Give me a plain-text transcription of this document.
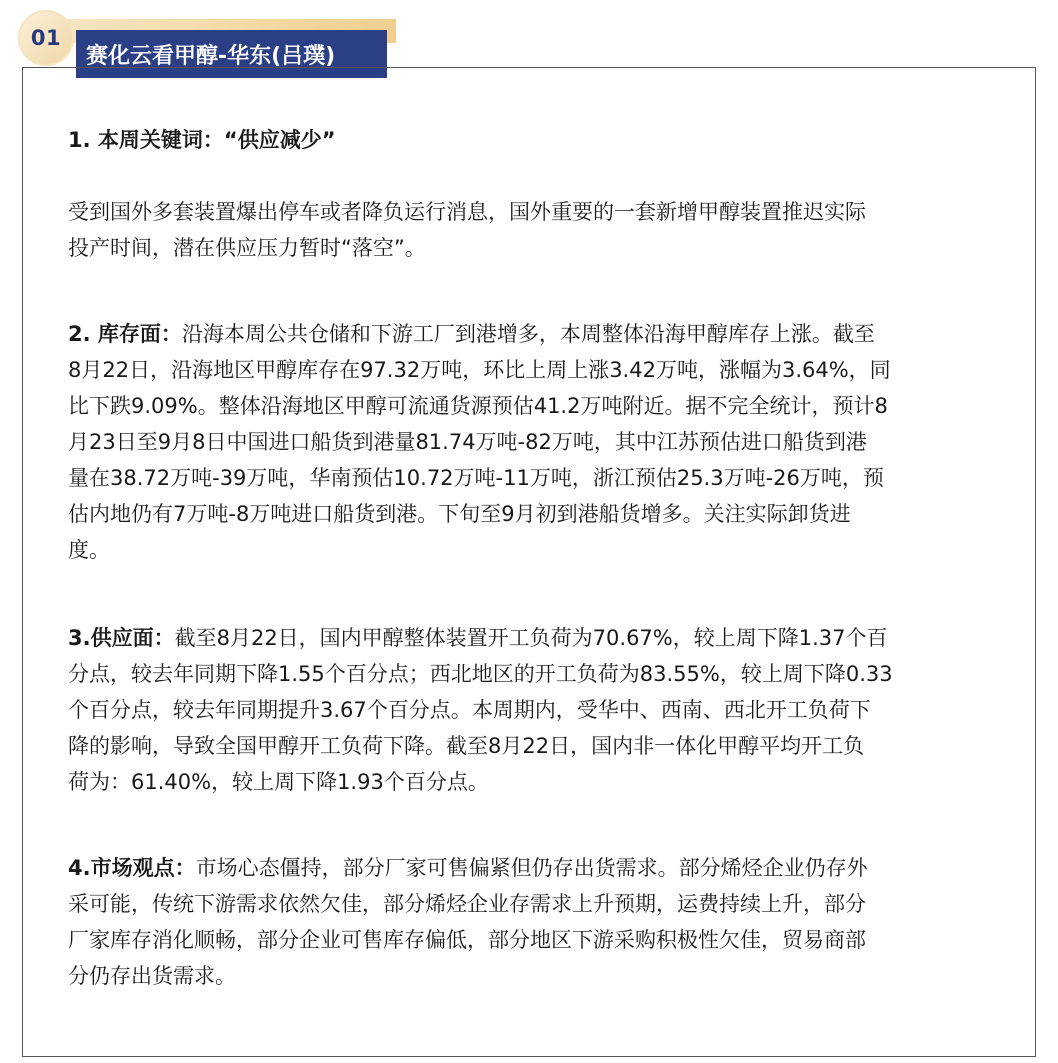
赛化云看甲醇-华东(吕璞)
01

1. 本周关键词：“供应减少”

受到国外多套装置爆出停车或者降负运行消息，国外重要的一套新增甲醇装置推迟实际

投产时间，潜在供应压力暂时“落空”。

2. 库存面：沿海本周公共仓储和下游工厂到港增多，本周整体沿海甲醇库存上涨。截至

8月22日，沿海地区甲醇库存在97.32万吨，环比上周上涨3.42万吨，涨幅为3.64%，同

比下跌9.09%。整体沿海地区甲醇可流通货源预估41.2万吨附近。据不完全统计，预计8

月23日至9月8日中国进口船货到港量81.74万吨-82万吨，其中江苏预估进口船货到港

量在38.72万吨-39万吨，华南预估10.72万吨-11万吨，浙江预估25.3万吨-26万吨，预

估内地仍有7万吨-8万吨进口船货到港。下旬至9月初到港船货增多。关注实际卸货进

度。

3.供应面：截至8月22日，国内甲醇整体装置开工负荷为70.67%，较上周下降1.37个百

分点，较去年同期下降1.55个百分点；西北地区的开工负荷为83.55%，较上周下降0.33

个百分点，较去年同期提升3.67个百分点。本周期内，受华中、西南、西北开工负荷下

降的影响，导致全国甲醇开工负荷下降。截至8月22日，国内非一体化甲醇平均开工负

荷为：61.40%，较上周下降1.93个百分点。

4.市场观点：市场心态僵持，部分厂家可售偏紧但仍存出货需求。部分烯烃企业仍存外

采可能，传统下游需求依然欠佳，部分烯烃企业存需求上升预期，运费持续上升，部分

厂家库存消化顺畅，部分企业可售库存偏低，部分地区下游采购积极性欠佳，贸易商部

分仍存出货需求。
